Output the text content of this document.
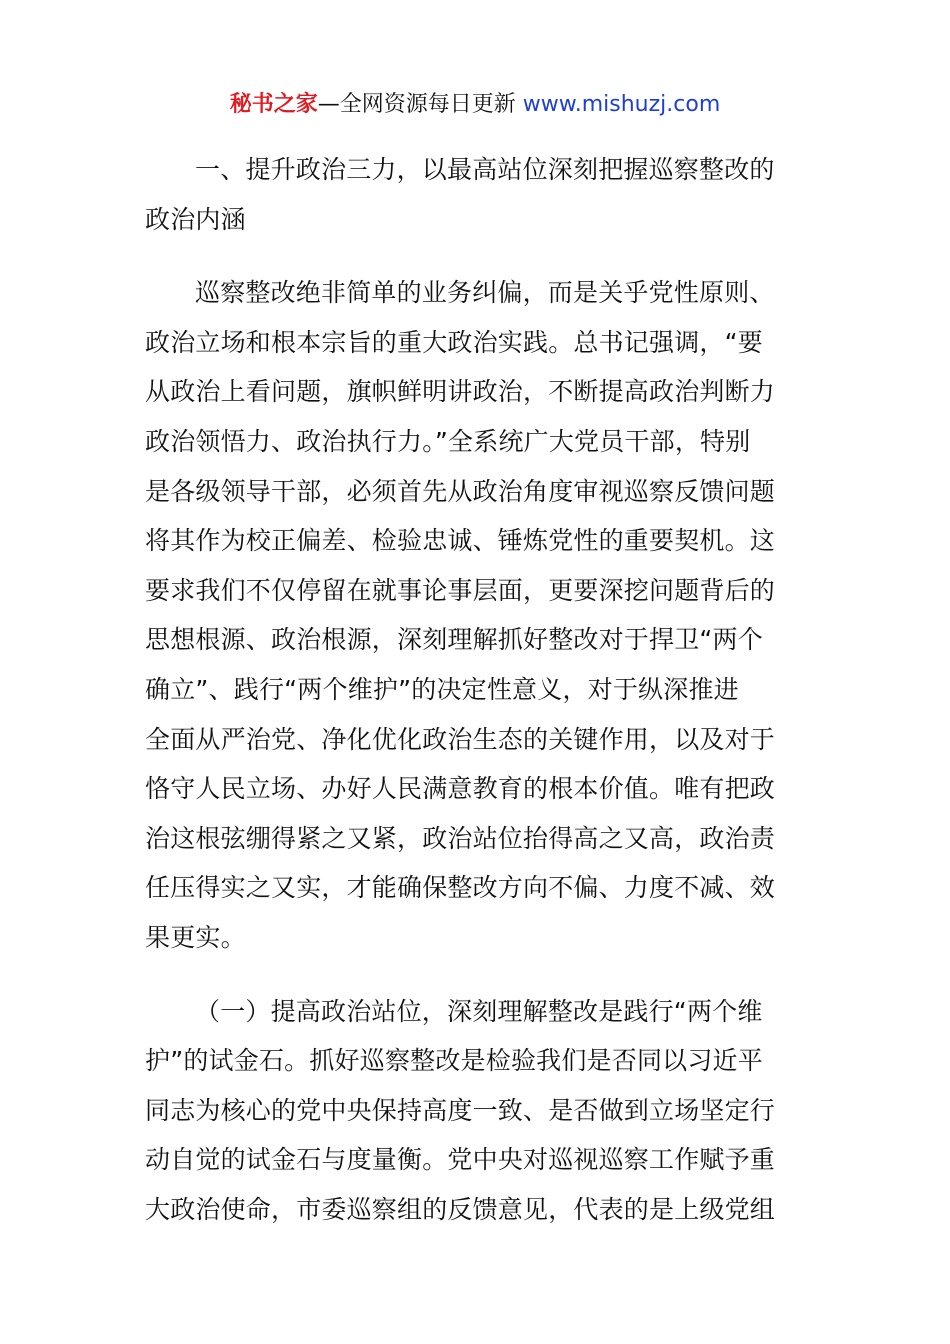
秘书之家—全网资源每日更新 www.mishuzj.com
一、提升政治三力，以最高站位深刻把握巡察整改的
政治内涵
巡察整改绝非简单的业务纠偏，而是关乎党性原则、
政治立场和根本宗旨的重大政治实践。总书记强调，“要
从政治上看问题，旗帜鲜明讲政治，不断提高政治判断力
政治领悟力、政治执行力。”全系统广大党员干部，特别
是各级领导干部，必须首先从政治角度审视巡察反馈问题
将其作为校正偏差、检验忠诚、锤炼党性的重要契机。这
要求我们不仅停留在就事论事层面，更要深挖问题背后的
思想根源、政治根源，深刻理解抓好整改对于捍卫“两个
确立”、践行“两个维护”的决定性意义，对于纵深推进
全面从严治党、净化优化政治生态的关键作用，以及对于
恪守人民立场、办好人民满意教育的根本价值。唯有把政
治这根弦绷得紧之又紧，政治站位抬得高之又高，政治责
任压得实之又实，才能确保整改方向不偏、力度不减、效
果更实。
（一）提高政治站位，深刻理解整改是践行“两个维
护”的试金石。抓好巡察整改是检验我们是否同以习近平
同志为核心的党中央保持高度一致、是否做到立场坚定行
动自觉的试金石与度量衡。党中央对巡视巡察工作赋予重
大政治使命，市委巡察组的反馈意见，代表的是上级党组
